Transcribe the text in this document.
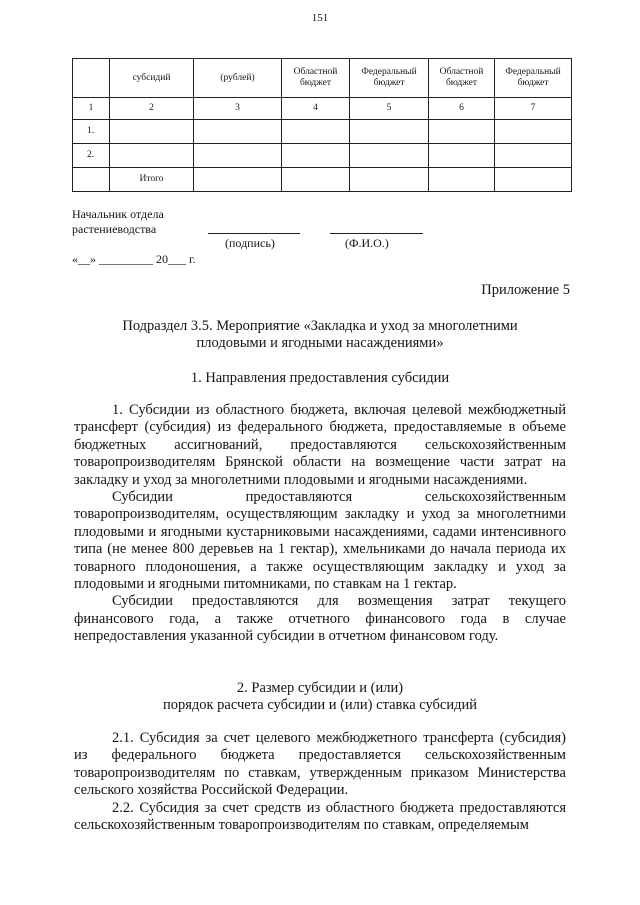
151
	субсидий	(рублей)	Областной бюджет	Федеральный бюджет	Областной бюджет	Федеральный бюджет
1	2	3	4	5	6	7
1.						
2.						
	Итого					
Начальник отдела
растениеводства
(подпись)	(Ф.И.О.)
«__» _________ 20___ г.
Приложение 5
Подраздел 3.5. Мероприятие «Закладка и уход за многолетними
плодовыми и ягодными насаждениями»
1. Направления предоставления субсидии

1. Субсидии из областного бюджета, включая целевой межбюджетный трансферт (субсидия) из федерального бюджета, предоставляемые в объеме бюджетных ассигнований, предоставляются сельскохозяйственным товаропроизводителям Брянской области на возмещение части затрат на закладку и уход за многолетними плодовыми и ягодными насаждениями.

Субсидии предоставляются сельскохозяйственным товаропроизводителям, осуществляющим закладку и уход за многолетними плодовыми и ягодными кустарниковыми насаждениями, садами интенсивного типа (не менее 800 деревьев на 1 гектар), хмельниками до начала периода их товарного плодоношения, а также осуществляющим закладку и уход за плодовыми и ягодными питомниками, по ставкам на 1 гектар.

Субсидии предоставляются для возмещения затрат текущего финансового года, а также отчетного финансового года в случае непредоставления указанной субсидии в отчетном финансовом году.

2. Размер субсидии и (или)
порядок расчета субсидии и (или) ставка субсидий

2.1. Субсидия за счет целевого межбюджетного трансферта (субсидия) из федерального бюджета предоставляется сельскохозяйственным товаропроизводителям по ставкам, утвержденным приказом Министерства сельского хозяйства Российской Федерации.

2.2. Субсидия за счет средств из областного бюджета предоставляются сельскохозяйственным товаропроизводителям по ставкам, определяемым
